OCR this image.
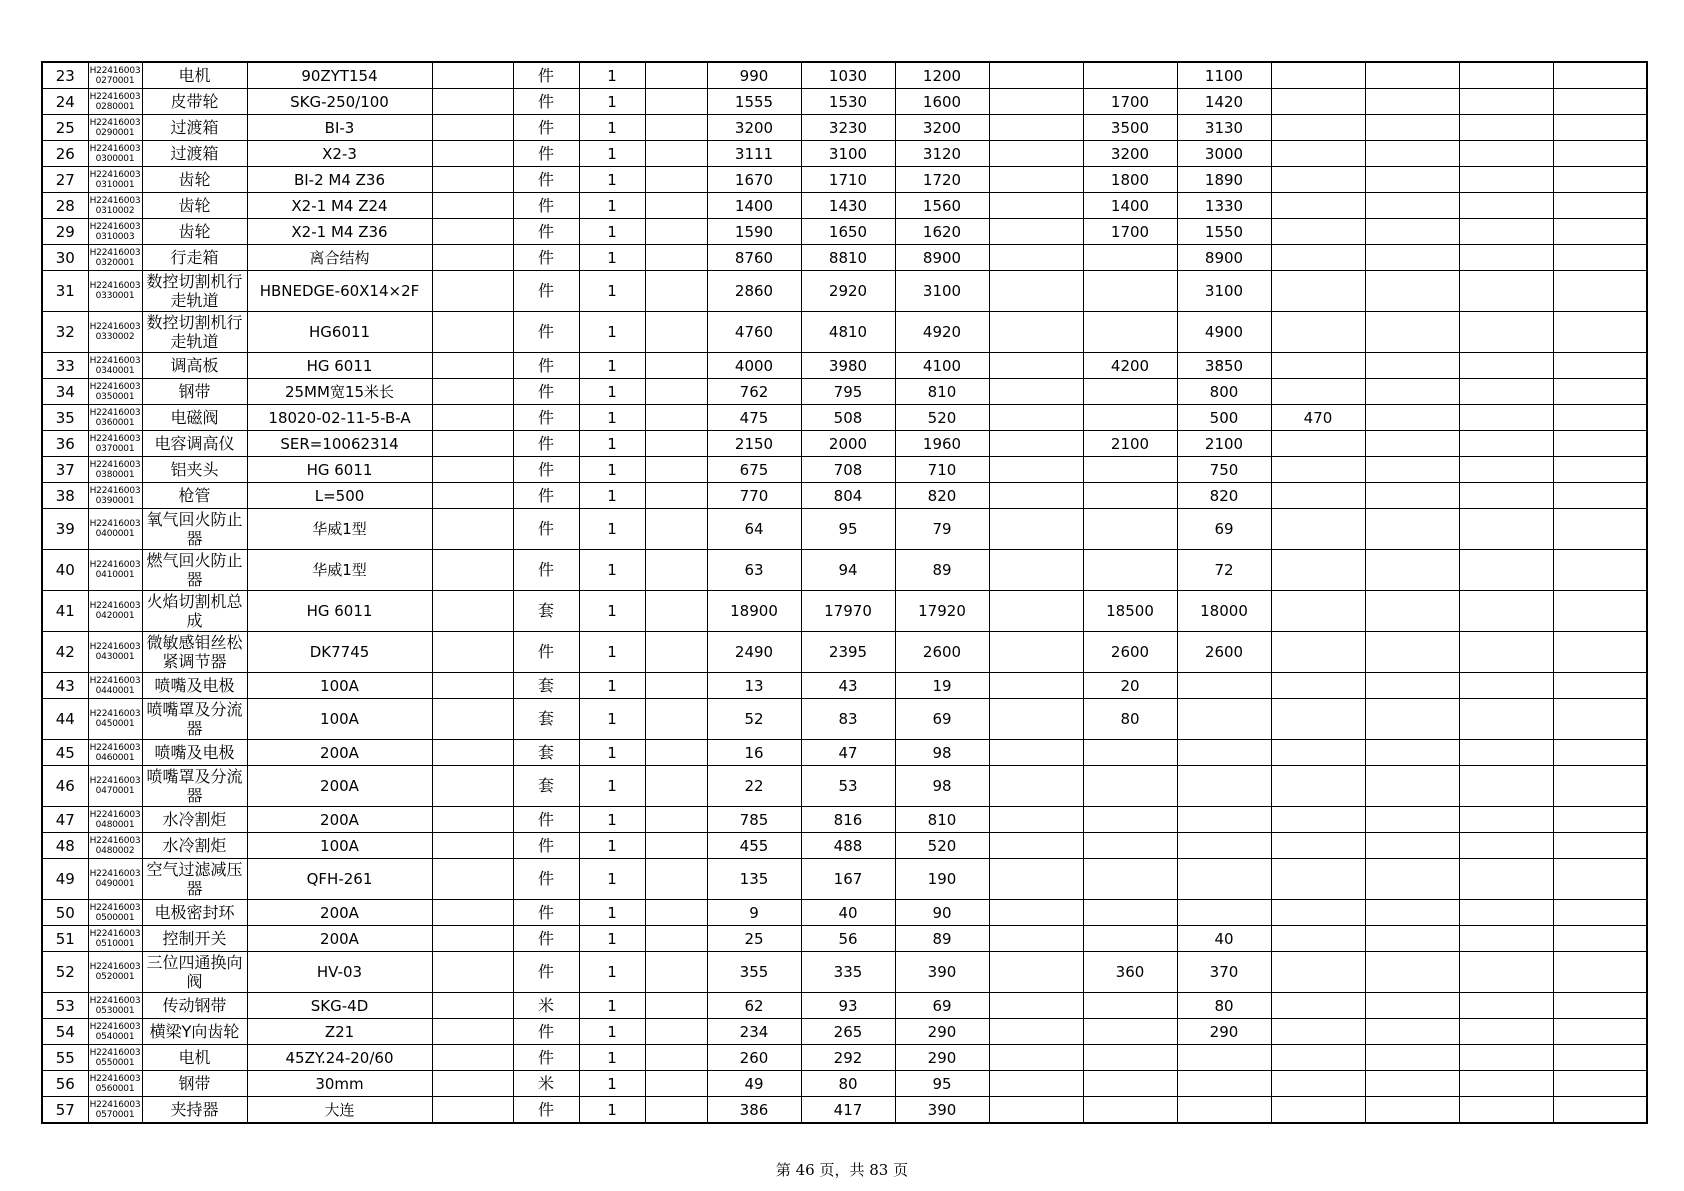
23	H224160030270001	电机	90ZYT154		件	1		990	1030	1200			1100				
24	H224160030280001	皮带轮	SKG-250/100		件	1		1555	1530	1600		1700	1420				
25	H224160030290001	过渡箱	BI-3		件	1		3200	3230	3200		3500	3130				
26	H224160030300001	过渡箱	X2-3		件	1		3111	3100	3120		3200	3000				
27	H224160030310001	齿轮	BI-2 M4 Z36		件	1		1670	1710	1720		1800	1890				
28	H224160030310002	齿轮	X2-1 M4 Z24		件	1		1400	1430	1560		1400	1330				
29	H224160030310003	齿轮	X2-1 M4 Z36		件	1		1590	1650	1620		1700	1550				
30	H224160030320001	行走箱	离合结构		件	1		8760	8810	8900			8900				
31	H224160030330001	数控切割机行走轨道	HBNEDGE-60X14×2F		件	1		2860	2920	3100			3100				
32	H224160030330002	数控切割机行走轨道	HG6011		件	1		4760	4810	4920			4900				
33	H224160030340001	调高板	HG 6011		件	1		4000	3980	4100		4200	3850				
34	H224160030350001	钢带	25MM宽15米长		件	1		762	795	810			800				
35	H224160030360001	电磁阀	18020-02-11-5-B-A		件	1		475	508	520			500	470			
36	H224160030370001	电容调高仪	SER=10062314		件	1		2150	2000	1960		2100	2100				
37	H224160030380001	铝夹头	HG 6011		件	1		675	708	710			750				
38	H224160030390001	枪管	L=500		件	1		770	804	820			820				
39	H224160030400001	氧气回火防止器	华威1型		件	1		64	95	79			69				
40	H224160030410001	燃气回火防止器	华威1型		件	1		63	94	89			72				
41	H224160030420001	火焰切割机总成	HG 6011		套	1		18900	17970	17920		18500	18000				
42	H224160030430001	微敏感钼丝松紧调节器	DK7745		件	1		2490	2395	2600		2600	2600				
43	H224160030440001	喷嘴及电极	100A		套	1		13	43	19		20					
44	H224160030450001	喷嘴罩及分流器	100A		套	1		52	83	69		80					
45	H224160030460001	喷嘴及电极	200A		套	1		16	47	98							
46	H224160030470001	喷嘴罩及分流器	200A		套	1		22	53	98							
47	H224160030480001	水冷割炬	200A		件	1		785	816	810							
48	H224160030480002	水冷割炬	100A		件	1		455	488	520							
49	H224160030490001	空气过滤减压器	QFH-261		件	1		135	167	190							
50	H224160030500001	电极密封环	200A		件	1		9	40	90							
51	H224160030510001	控制开关	200A		件	1		25	56	89			40				
52	H224160030520001	三位四通换向阀	HV-03		件	1		355	335	390		360	370				
53	H224160030530001	传动钢带	SKG-4D		米	1		62	93	69			80				
54	H224160030540001	横梁Y向齿轮	Z21		件	1		234	265	290			290				
55	H224160030550001	电机	45ZY.24-20/60		件	1		260	292	290							
56	H224160030560001	钢带	30mm		米	1		49	80	95							
57	H224160030570001	夹持器	大连		件	1		386	417	390							
第 46 页，共 83 页
